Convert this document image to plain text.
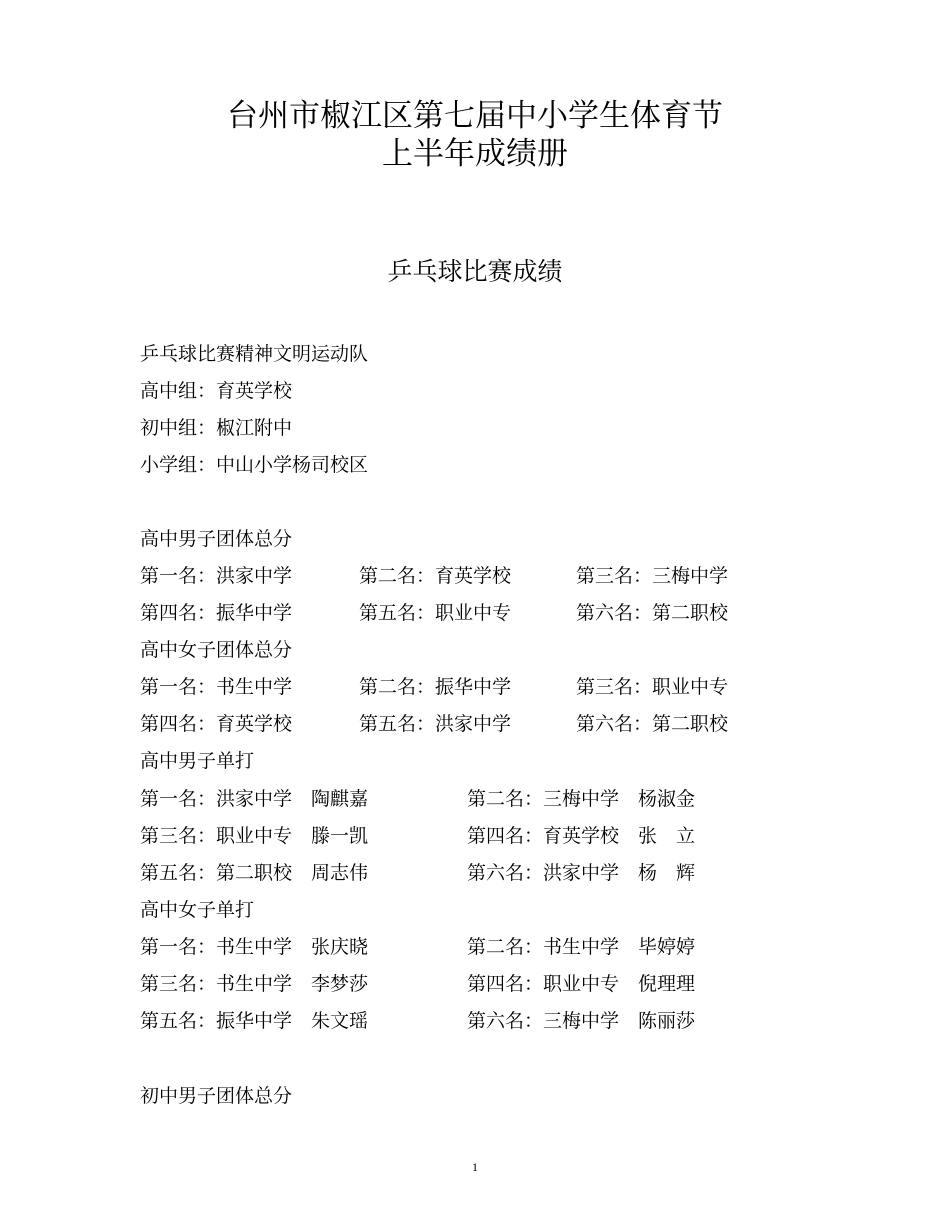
台州市椒江区第七届中小学生体育节
上半年成绩册
乒乓球比赛成绩
乒乓球比赛精神文明运动队
高中组：育英学校
初中组：椒江附中
小学组：中山小学杨司校区
高中男子团体总分
第一名：洪家中学	第二名：育英学校	第三名：三梅中学
第四名：振华中学	第五名：职业中专	第六名：第二职校
高中女子团体总分
第一名：书生中学	第二名：振华中学	第三名：职业中专
第四名：育英学校	第五名：洪家中学	第六名：第二职校
高中男子单打
第一名：洪家中学　陶麒嘉	第二名：三梅中学　杨淑金
第三名：职业中专　滕一凯	第四名：育英学校　张　立
第五名：第二职校　周志伟	第六名：洪家中学　杨　辉
高中女子单打
第一名：书生中学　张庆晓	第二名：书生中学　毕婷婷
第三名：书生中学　李梦莎	第四名：职业中专　倪理理
第五名：振华中学　朱文瑶	第六名：三梅中学　陈丽莎
初中男子团体总分
1
